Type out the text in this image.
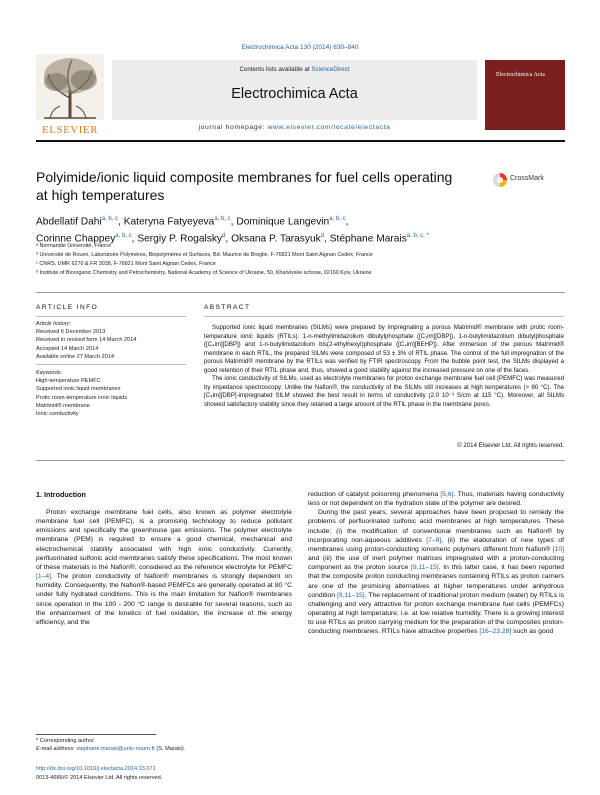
Electrochimica Acta 130 (2014) 830–840
ELSEVIER
Contents lists available at ScienceDirect
Electrochimica Acta
journal homepage: www.elsevier.com/locate/electacta
Electrochimica Acta
Polyimide/ionic liquid composite membranes for fuel cells operating
at high temperatures
CrossMark
Abdellatif Dahi$^{a, b, c}$, Kateryna Fatyeyeva$^{a, b, c}$, Dominique Langevin$^{a, b, c}$,
Corinne Chappey$^{a, b, c}$, Sergiy P. Rogalsky$^d$, Oksana P. Tarasyuk$^d$, Stéphane Marais$^{a, b, c, *}$
ᵃ Normandie Université, France
ᵇ Université de Rouen, Laboratoire Polymères, Biopolymères et Surfaces, Bd. Maurice de Broglie, F-76821 Mont Saint Aignan Cedex, France
ᶜ CNRS, UMR 6270 & FR 3038, F-76821 Mont Saint Aignan Cedex, France
ᵈ Institute of Bioorganic Chemistry and Petrochemistry, National Academy of Science of Ukraine, 50, Kharkivske schose, 02160 Kyiv, Ukraine
ARTICLE INFO
Article history:
Received 6 December 2013
Received in revised form 14 March 2014
Accepted 14 March 2014
Available online 27 March 2014
Keywords:
High-temperature PEMFC
Supported ionic liquid membranes
Protic room-temperature ionic liquids
Matrimid® membrane
Ionic conductivity
ABSTRACT

Supported ionic liquid membranes (SILMs) were prepared by impregnating a porous Matrimid® membrane with protic room-temperature ionic liquids (RTILs): 1-n-methylimidazolium dibutylphosphate ([C₁im][DBP]), 1-n-butylimidazolium dibutylphosphate ([C₄im][DBP]) and 1-n-butylimidazolium bis(2-ethylhexyl)phosphate ([C₄im][BEHP]). After immersion of the porous Matrimid® membrane in each RTIL, the prepared SILMs were composed of 53 ± 3% of RTIL phase. The control of the full impregnation of the porous Matrimid® membrane by the RTILs was verified by FTIR spectroscopy. From the bubble point test, the SILMs displayed a good retention of their RTIL phase and, thus, showed a good stability against the increased pressure on one of the faces.

The ionic conductivity of SILMs, used as electrolyte membranes for proton exchange membrane fuel cell (PEMFC) was measured by impedance spectroscopy. Unlike the Nafion®, the conductivity of the SILMs still increases at high temperatures (> 80 °C). The [C₄im][DBP]-impregnated SILM showed the best result in terms of conductivity (2.0 10⁻³ S/cm at 115 °C). Moreover, all SILMs showed satisfactory stability since they retained a large amount of the RTIL phase in the membrane pores.

© 2014 Elsevier Ltd. All rights reserved.
1. Introduction

Proton exchange membrane fuel cells, also known as polymer electrolyte membrane fuel cell (PEMFC), is a promising technology to reduce pollutant emissions and specifically the greenhouse gas emissions. The polymer electrolyte membrane (PEM) is required to ensure a good chemical, mechanical and electrochemical stability associated with high ionic conductivity. Currently, perfluorinated sulfonic acid membranes satisfy these specifications. The most known of these materials is the Nafion®, considered as the reference electrolyte for PEMFC [1–4]. The proton conductivity of Nafion® membranes is strongly dependent on humidity. Consequently, the Nafion®-based PEMFCs are generally operated at 80 °C under fully hydrated conditions. This is the main limitation for Nafion® membranes since operation in the 100 - 200 °C range is desirable for several reasons, such as the enhancement of the kinetics of fuel oxidation, the increase of the energy efficiency, and the

reduction of catalyst poisoning phenomena [5,6]. Thus, materials having conductivity less or not dependent on the hydration state of the polymer are desired.

During the past years, several approaches have been proposed to remedy the problems of perfluorinated sulfonic acid membranes at high temperatures. These include: (i) the modification of conventional membranes such as Nafion® by incorporating non-aqueous additives [7–9], (ii) the elaboration of new types of membranes using proton-conducting ionomeric polymers different from Nafion® [10] and (iii) the use of inert polymer matrices impregnated with a proton-conducting component as the proton source [9,11–15]. In this latter case, it has been reported that the composite proton conducting membranes containing RTILs as proton carriers are one of the promising alternatives at higher temperatures under anhydrous condition [9,11–15]. The replacement of traditional proton medium (water) by RTILs is challenging and very attractive for proton exchange membrane fuel cells (PEMFCs) operating at high temperature, i.e. at low relative humidity. There is a growing interest to use RTILs as proton carrying medium for the preparation of the composites proton-conducting membranes. RTILs have attractive properties [16–23,28] such as good

* Corresponding author.
E-mail address: stephane.marais@univ-rouen.fr (S. Marais).
http://dx.doi.org/10.1016/j.electacta.2014.03.071
0013-4686/© 2014 Elsevier Ltd. All rights reserved.
